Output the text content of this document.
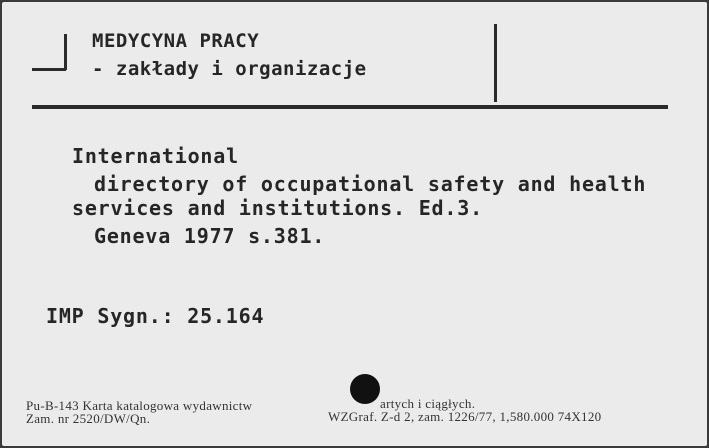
MEDYCYNA PRACY
- zakłady i organizacje
International
directory of occupational safety and health
services and institutions. Ed.3.
Geneva 1977 s.381.
IMP Sygn.: 25.164
Pu-B-143 Karta katalogowa wydawnictw	artych i ciągłych.
Zam. nr 2520/DW/Qn.	WZGraf. Z-d 2, zam. 1226/77, 1,580.000 74X120
